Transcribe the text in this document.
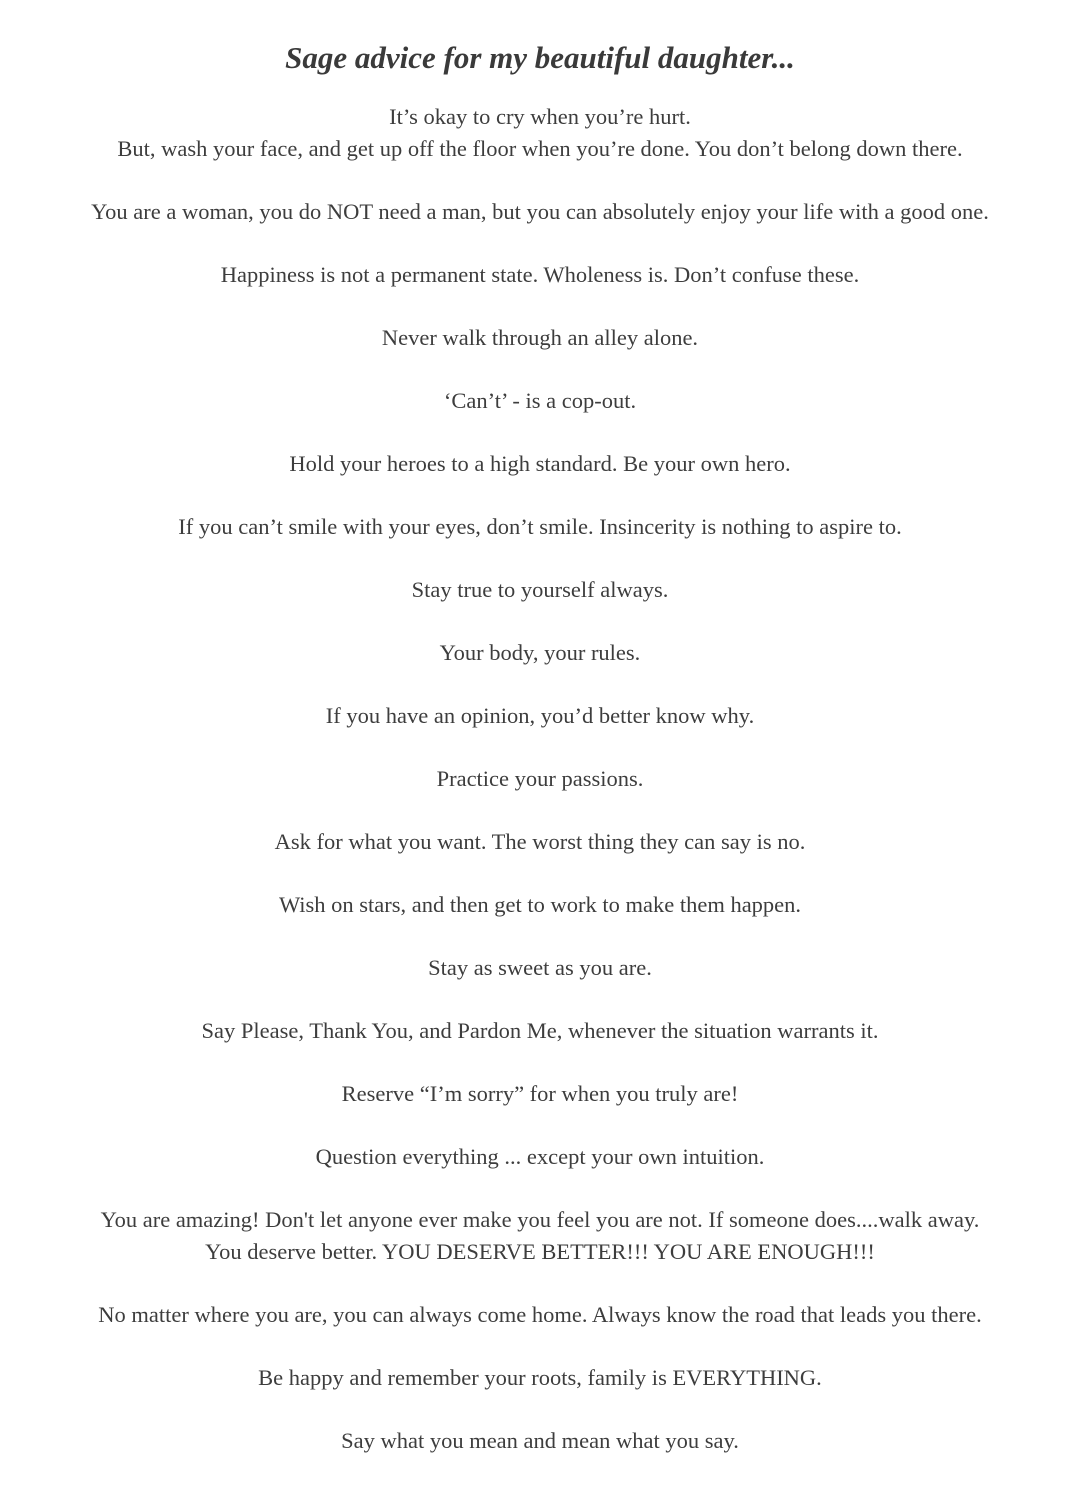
Sage advice for my beautiful daughter...
It’s okay to cry when you’re hurt.
But, wash your face, and get up off the floor when you’re done. You don’t belong down there.
You are a woman, you do NOT need a man, but you can absolutely enjoy your life with a good one.
Happiness is not a permanent state. Wholeness is. Don’t confuse these.
Never walk through an alley alone.
‘Can’t’ - is a cop-out.
Hold your heroes to a high standard. Be your own hero.
If you can’t smile with your eyes, don’t smile. Insincerity is nothing to aspire to.
Stay true to yourself always.
Your body, your rules.
If you have an opinion, you’d better know why.
Practice your passions.
Ask for what you want. The worst thing they can say is no.
Wish on stars, and then get to work to make them happen.
Stay as sweet as you are.
Say Please, Thank You, and Pardon Me, whenever the situation warrants it.
Reserve “I’m sorry” for when you truly are!
Question everything ... except your own intuition.
You are amazing! Don't let anyone ever make you feel you are not. If someone does....walk away.
You deserve better. YOU DESERVE BETTER!!! YOU ARE ENOUGH!!!
No matter where you are, you can always come home. Always know the road that leads you there.
Be happy and remember your roots, family is EVERYTHING.
Say what you mean and mean what you say.
